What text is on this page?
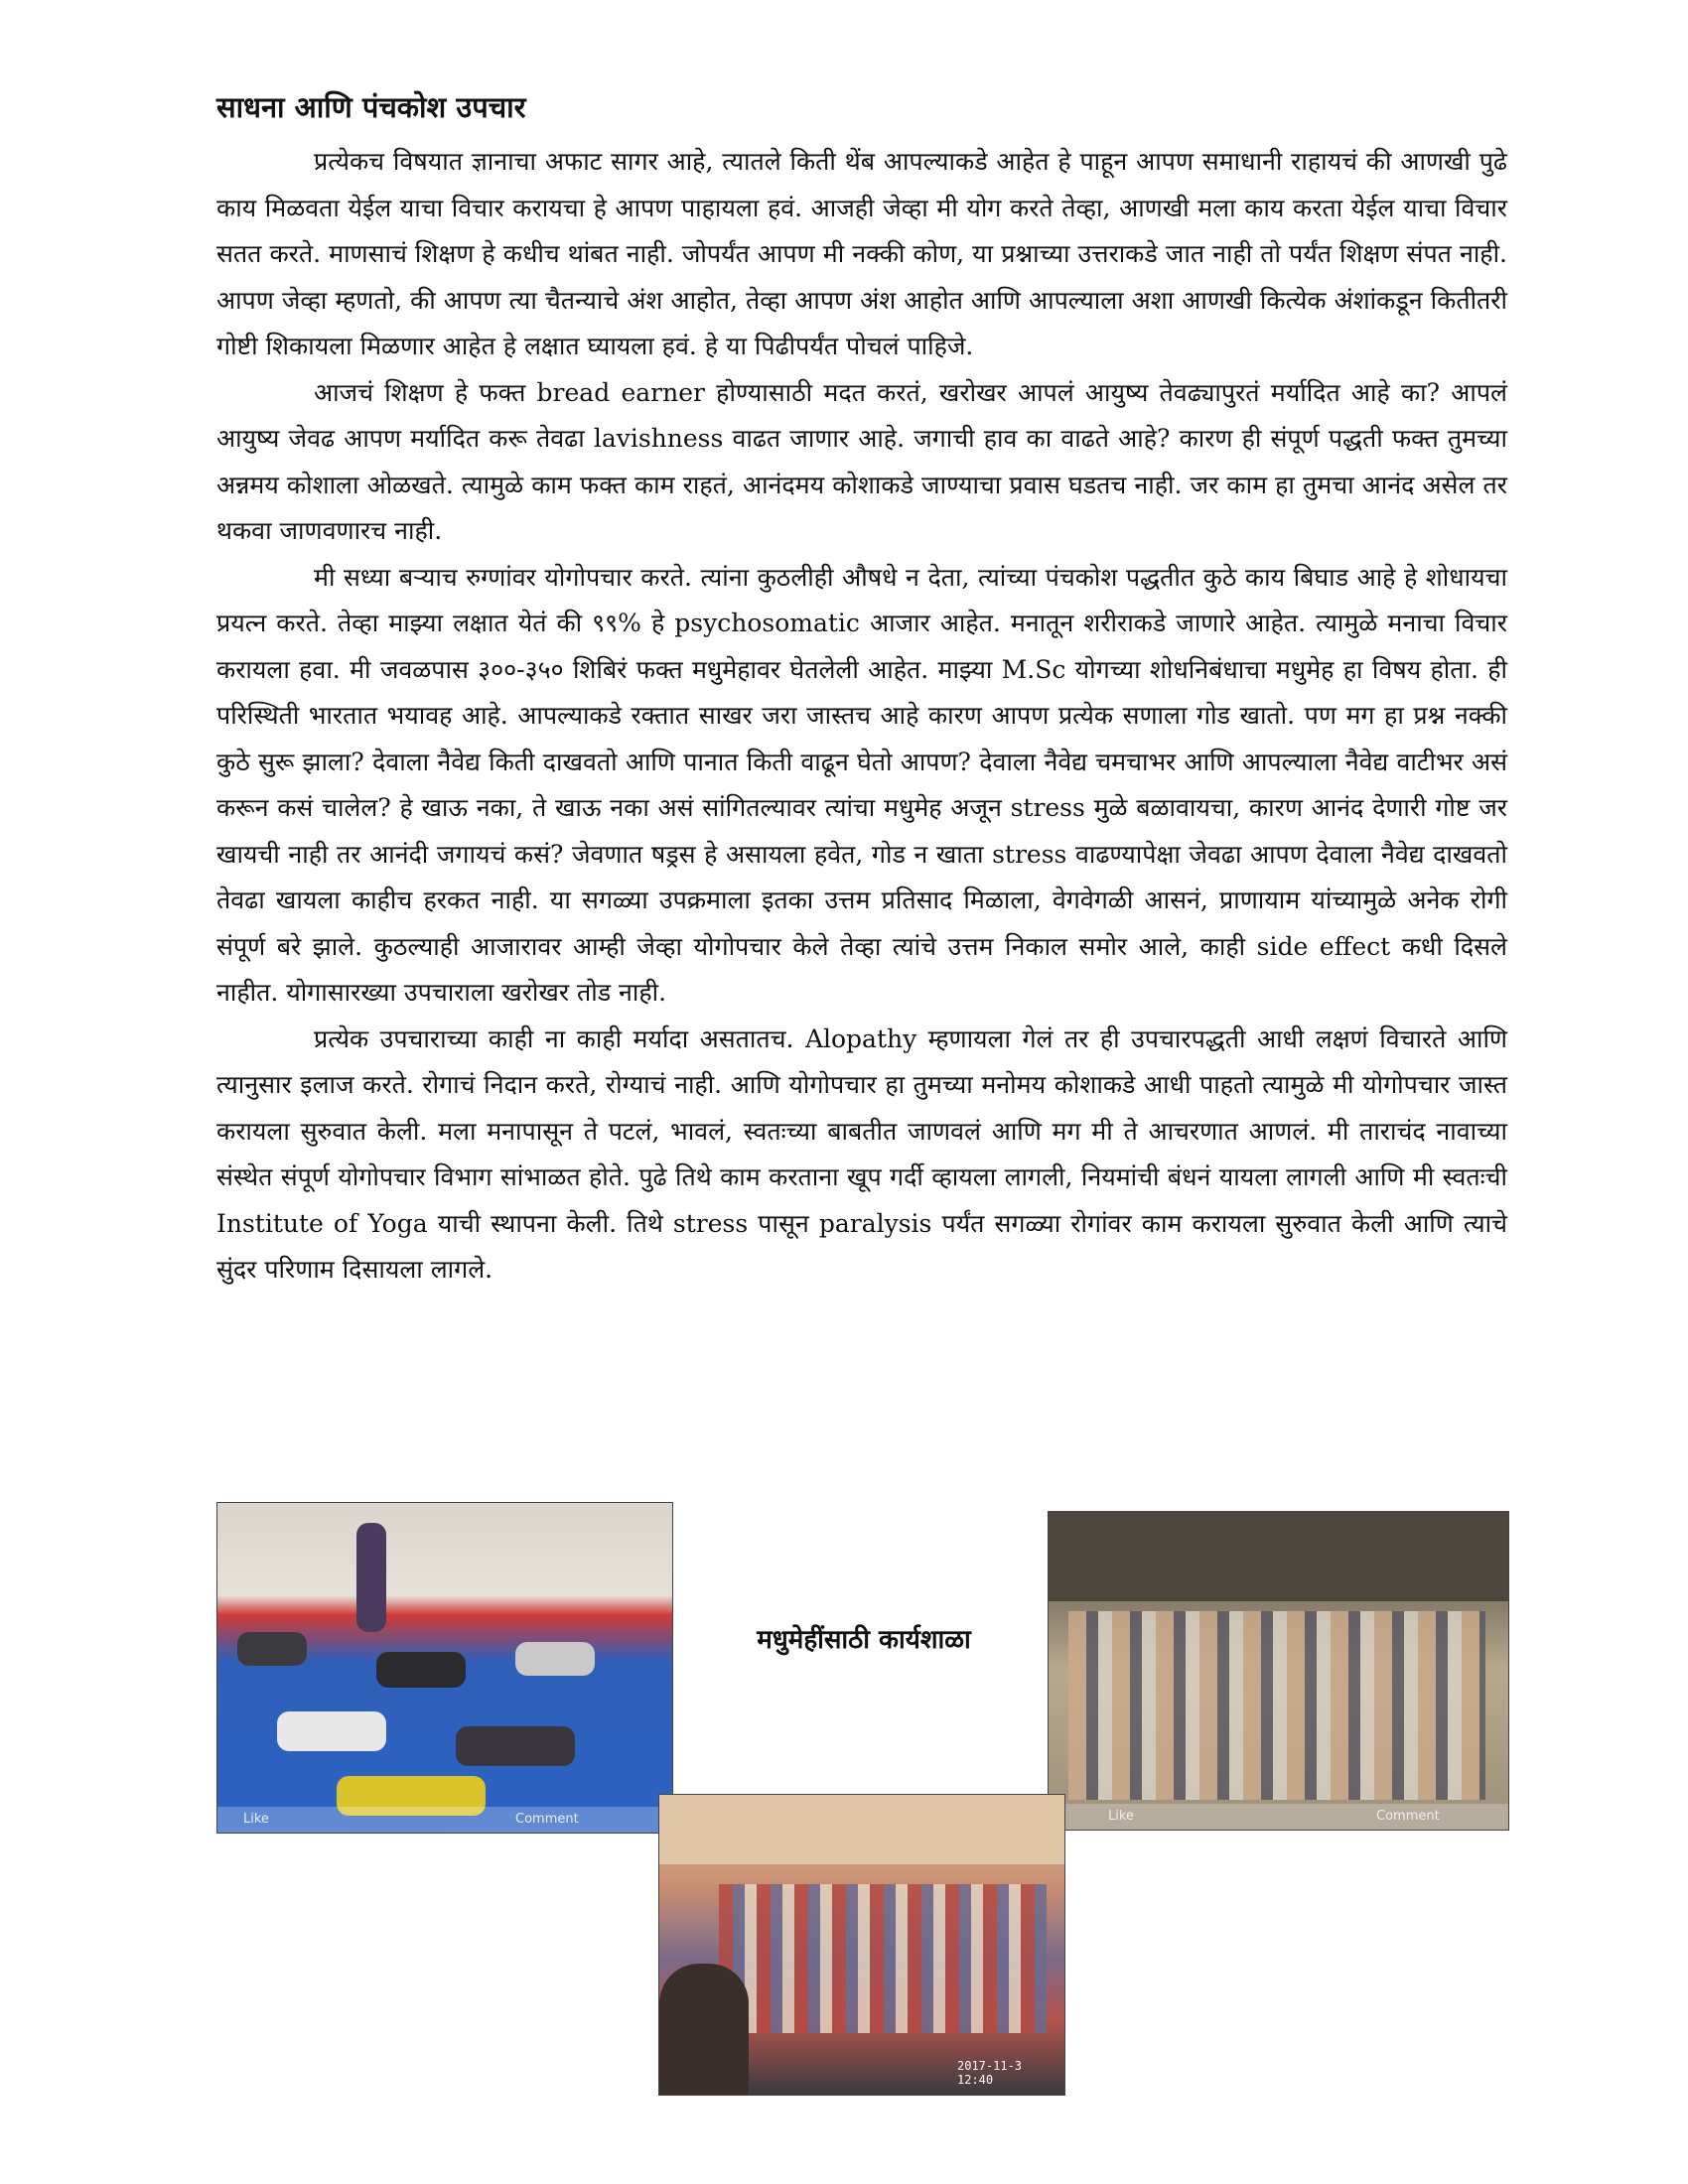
साधना आणि पंचकोश उपचार

प्रत्येकच विषयात ज्ञानाचा अफाट सागर आहे, त्यातले किती थेंब आपल्याकडे आहेत हे पाहून आपण समाधानी राहायचं की आणखी पुढे काय मिळवता येईल याचा विचार करायचा हे आपण पाहायला हवं. आजही जेव्हा मी योग करते तेव्हा, आणखी मला काय करता येईल याचा विचार सतत करते. माणसाचं शिक्षण हे कधीच थांबत नाही. जोपर्यंत आपण मी नक्की कोण, या प्रश्नाच्या उत्तराकडे जात नाही तो पर्यंत शिक्षण संपत नाही. आपण जेव्हा म्हणतो, की आपण त्या चैतन्याचे अंश आहोत, तेव्हा आपण अंश आहोत आणि आपल्याला अशा आणखी कित्येक अंशांकडून कितीतरी गोष्टी शिकायला मिळणार आहेत हे लक्षात घ्यायला हवं. हे या पिढीपर्यंत पोचलं पाहिजे.

आजचं शिक्षण हे फक्त bread earner होण्यासाठी मदत करतं, खरोखर आपलं आयुष्य तेवढ्यापुरतं मर्यादित आहे का? आपलं आयुष्य जेवढ आपण मर्यादित करू तेवढा lavishness वाढत जाणार आहे. जगाची हाव का वाढते आहे? कारण ही संपूर्ण पद्धती फक्त तुमच्या अन्नमय कोशाला ओळखते. त्यामुळे काम फक्त काम राहतं, आनंदमय कोशाकडे जाण्याचा प्रवास घडतच नाही. जर काम हा तुमचा आनंद असेल तर थकवा जाणवणारच नाही.

मी सध्या बऱ्याच रुग्णांवर योगोपचार करते. त्यांना कुठलीही औषधे न देता, त्यांच्या पंचकोश पद्धतीत कुठे काय बिघाड आहे हे शोधायचा प्रयत्न करते. तेव्हा माझ्या लक्षात येतं की ९९% हे psychosomatic आजार आहेत. मनातून शरीराकडे जाणारे आहेत. त्यामुळे मनाचा विचार करायला हवा. मी जवळपास ३००-३५० शिबिरं फक्त मधुमेहावर घेतलेली आहेत. माझ्या M.Sc योगच्या शोधनिबंधाचा मधुमेह हा विषय होता. ही परिस्थिती भारतात भयावह आहे. आपल्याकडे रक्तात साखर जरा जास्तच आहे कारण आपण प्रत्येक सणाला गोड खातो. पण मग हा प्रश्न नक्की कुठे सुरू झाला? देवाला नैवेद्य किती दाखवतो आणि पानात किती वाढून घेतो आपण? देवाला नैवेद्य चमचाभर आणि आपल्याला नैवेद्य वाटीभर असं करून कसं चालेल? हे खाऊ नका, ते खाऊ नका असं सांगितल्यावर त्यांचा मधुमेह अजून stress मुळे बळावायचा, कारण आनंद देणारी गोष्ट जर खायची नाही तर आनंदी जगायचं कसं? जेवणात षड्रस हे असायला हवेत, गोड न खाता stress वाढण्यापेक्षा जेवढा आपण देवाला नैवेद्य दाखवतो तेवढा खायला काहीच हरकत नाही. या सगळ्या उपक्रमाला इतका उत्तम प्रतिसाद मिळाला, वेगवेगळी आसनं, प्राणायाम यांच्यामुळे अनेक रोगी संपूर्ण बरे झाले. कुठल्याही आजारावर आम्ही जेव्हा योगोपचार केले तेव्हा त्यांचे उत्तम निकाल समोर आले, काही side effect कधी दिसले नाहीत. योगासारख्या उपचाराला खरोखर तोड नाही.

प्रत्येक उपचाराच्या काही ना काही मर्यादा असतातच. Alopathy म्हणायला गेलं तर ही उपचारपद्धती आधी लक्षणं विचारते आणि त्यानुसार इलाज करते. रोगाचं निदान करते, रोग्याचं नाही. आणि योगोपचार हा तुमच्या मनोमय कोशाकडे आधी पाहतो त्यामुळे मी योगोपचार जास्त करायला सुरुवात केली. मला मनापासून ते पटलं, भावलं, स्वतःच्या बाबतीत जाणवलं आणि मग मी ते आचरणात आणलं. मी ताराचंद नावाच्या संस्थेत संपूर्ण योगोपचार विभाग सांभाळत होते. पुढे तिथे काम करताना खूप गर्दी व्हायला लागली, नियमांची बंधनं यायला लागली आणि मी स्वतःची Institute of Yoga याची स्थापना केली. तिथे stress पासून paralysis पर्यंत सगळ्या रोगांवर काम करायला सुरुवात केली आणि त्याचे सुंदर परिणाम दिसायला लागले.

Like	Comment
मधुमेहींसाठी कार्यशाळा
Like	Comment
2017-11-3 12:40
